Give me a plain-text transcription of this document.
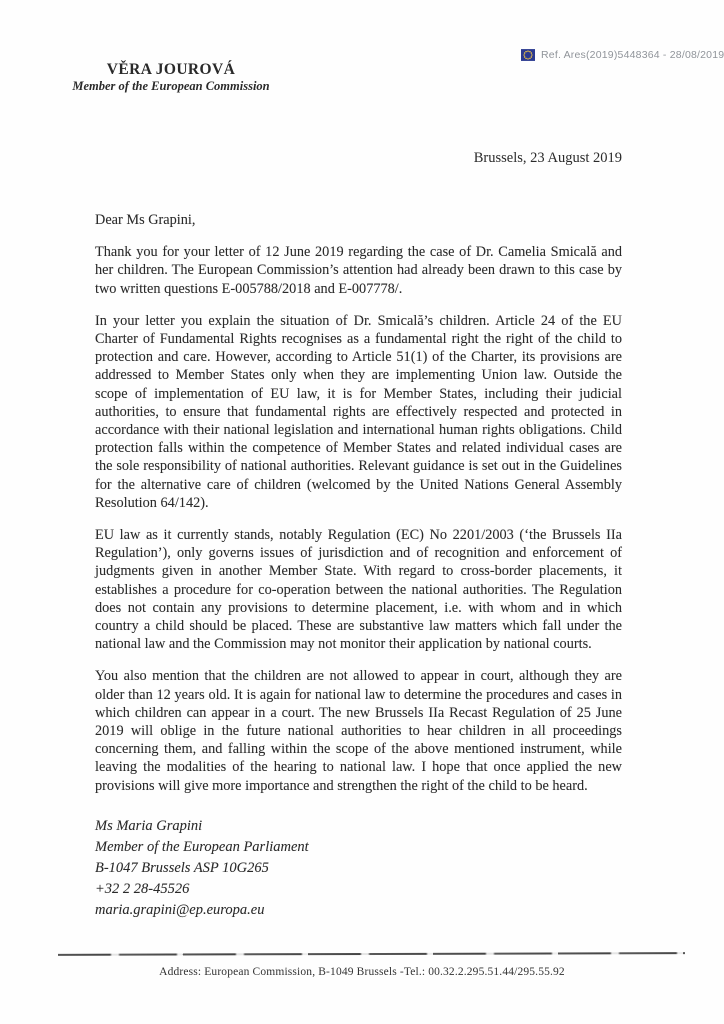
Ref. Ares(2019)5448364 - 28/08/2019
VĚRA JOUROVÁ
Member of the European Commission
Brussels, 23 August 2019

Dear Ms Grapini,

Thank you for your letter of 12 June 2019 regarding the case of Dr. Camelia Smicală and her children. The European Commission’s attention had already been drawn to this case by two written questions E-005788/2018 and E-007778/.

In your letter you explain the situation of Dr. Smicală’s children. Article 24 of the EU Charter of Fundamental Rights recognises as a fundamental right the right of the child to protection and care. However, according to Article 51(1) of the Charter, its provisions are addressed to Member States only when they are implementing Union law. Outside the scope of implementation of EU law, it is for Member States, including their judicial authorities, to ensure that fundamental rights are effectively respected and protected in accordance with their national legislation and international human rights obligations. Child protection falls within the competence of Member States and related individual cases are the sole responsibility of national authorities. Relevant guidance is set out in the Guidelines for the alternative care of children (welcomed by the United Nations General Assembly Resolution 64/142).

EU law as it currently stands, notably Regulation (EC) No 2201/2003 (‘the Brussels IIa Regulation’), only governs issues of jurisdiction and of recognition and enforcement of judgments given in another Member State. With regard to cross-border placements, it establishes a procedure for co-operation between the national authorities. The Regulation does not contain any provisions to determine placement, i.e. with whom and in which country a child should be placed. These are substantive law matters which fall under the national law and the Commission may not monitor their application by national courts.

You also mention that the children are not allowed to appear in court, although they are older than 12 years old. It is again for national law to determine the procedures and cases in which children can appear in a court. The new Brussels IIa Recast Regulation of 25 June 2019 will oblige in the future national authorities to hear children in all proceedings concerning them, and falling within the scope of the above mentioned instrument, while leaving the modalities of the hearing to national law. I hope that once applied the new provisions will give more importance and strengthen the right of the child to be heard.

Ms Maria Grapini
Member of the European Parliament
B-1047 Brussels ASP 10G265
+32 2 28-45526
maria.grapini@ep.europa.eu
Address: European Commission, B-1049 Brussels -Tel.: 00.32.2.295.51.44/295.55.92
